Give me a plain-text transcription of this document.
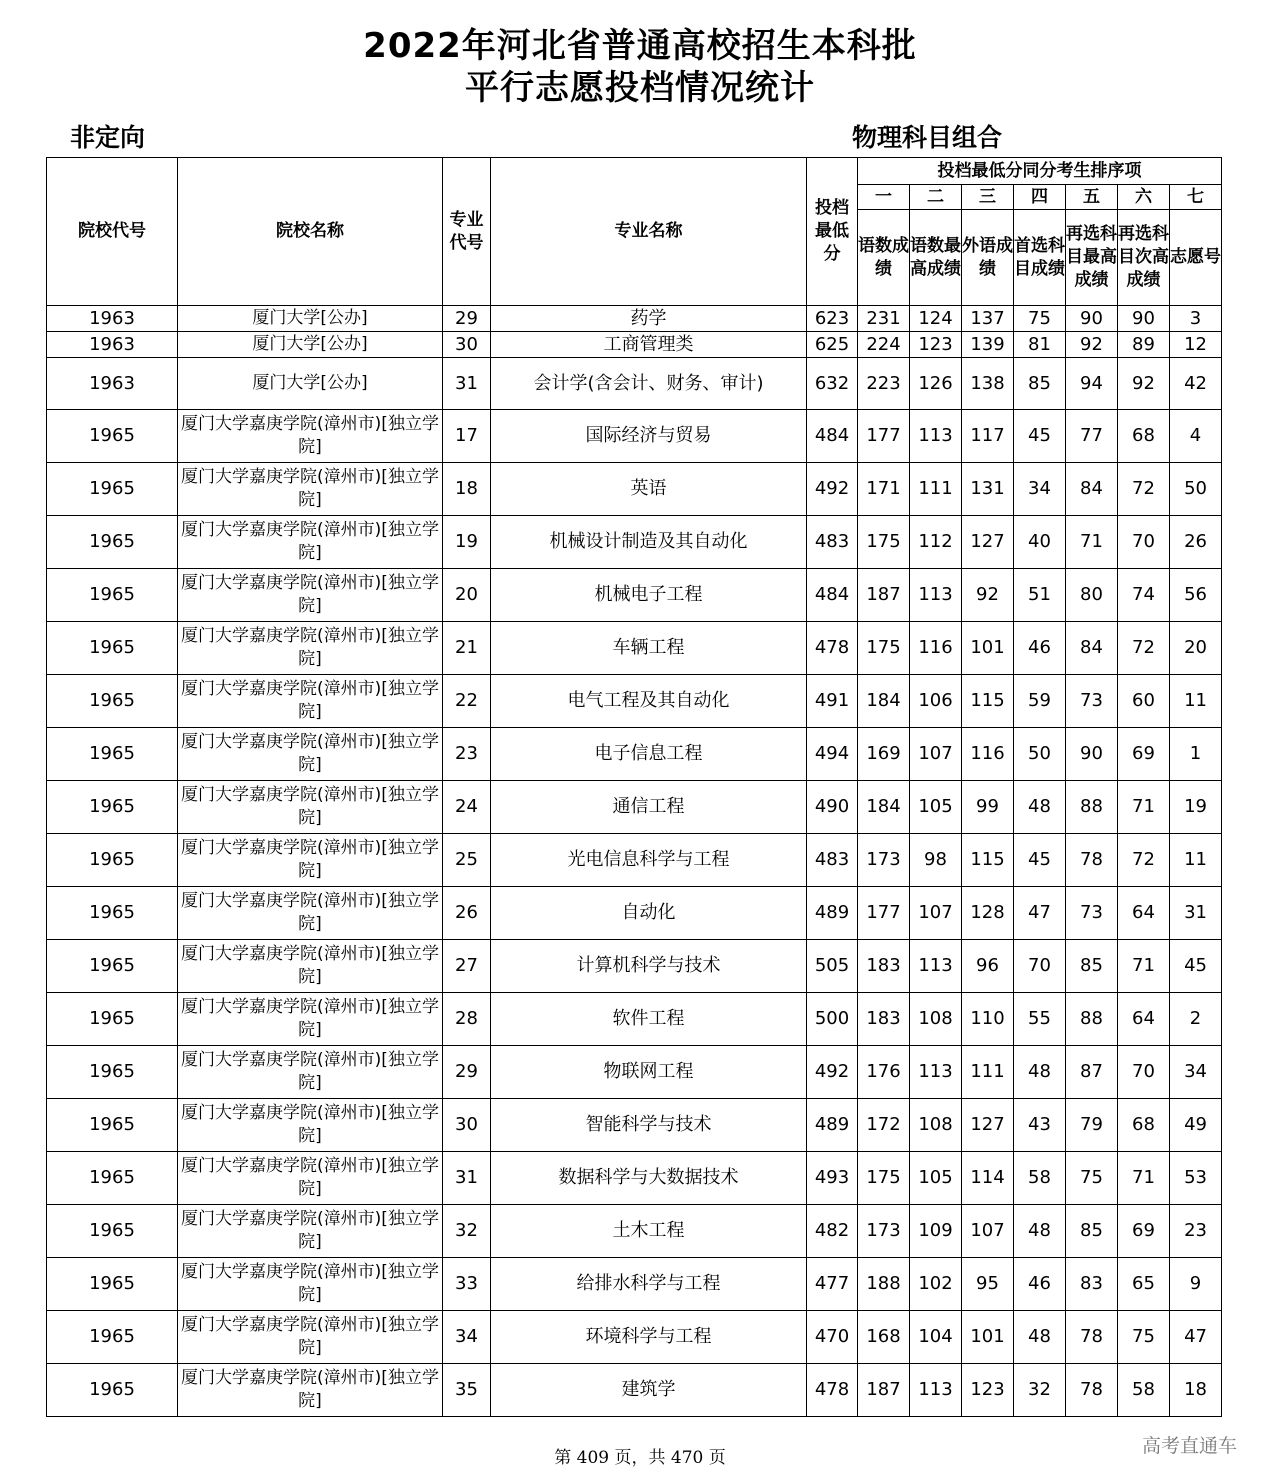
2022年河北省普通高校招生本科批
平行志愿投档情况统计
非定向	物理科目组合
院校代号	院校名称	专业代号	专业名称	投档最低分	投档最低分同分考生排序项						
					一	二	三	四	五	六	七
					语数成绩	语数最高成绩	外语成绩	首选科目成绩	再选科目最高成绩	再选科目次高成绩	志愿号
1963	厦门大学[公办]	29	药学	623	231	124	137	75	90	90	3
1963	厦门大学[公办]	30	工商管理类	625	224	123	139	81	92	89	12
1963	厦门大学[公办]	31	会计学(含会计、财务、审计)	632	223	126	138	85	94	92	42
1965	厦门大学嘉庚学院(漳州市)[独立学院]	17	国际经济与贸易	484	177	113	117	45	77	68	4
1965	厦门大学嘉庚学院(漳州市)[独立学院]	18	英语	492	171	111	131	34	84	72	50
1965	厦门大学嘉庚学院(漳州市)[独立学院]	19	机械设计制造及其自动化	483	175	112	127	40	71	70	26
1965	厦门大学嘉庚学院(漳州市)[独立学院]	20	机械电子工程	484	187	113	92	51	80	74	56
1965	厦门大学嘉庚学院(漳州市)[独立学院]	21	车辆工程	478	175	116	101	46	84	72	20
1965	厦门大学嘉庚学院(漳州市)[独立学院]	22	电气工程及其自动化	491	184	106	115	59	73	60	11
1965	厦门大学嘉庚学院(漳州市)[独立学院]	23	电子信息工程	494	169	107	116	50	90	69	1
1965	厦门大学嘉庚学院(漳州市)[独立学院]	24	通信工程	490	184	105	99	48	88	71	19
1965	厦门大学嘉庚学院(漳州市)[独立学院]	25	光电信息科学与工程	483	173	98	115	45	78	72	11
1965	厦门大学嘉庚学院(漳州市)[独立学院]	26	自动化	489	177	107	128	47	73	64	31
1965	厦门大学嘉庚学院(漳州市)[独立学院]	27	计算机科学与技术	505	183	113	96	70	85	71	45
1965	厦门大学嘉庚学院(漳州市)[独立学院]	28	软件工程	500	183	108	110	55	88	64	2
1965	厦门大学嘉庚学院(漳州市)[独立学院]	29	物联网工程	492	176	113	111	48	87	70	34
1965	厦门大学嘉庚学院(漳州市)[独立学院]	30	智能科学与技术	489	172	108	127	43	79	68	49
1965	厦门大学嘉庚学院(漳州市)[独立学院]	31	数据科学与大数据技术	493	175	105	114	58	75	71	53
1965	厦门大学嘉庚学院(漳州市)[独立学院]	32	土木工程	482	173	109	107	48	85	69	23
1965	厦门大学嘉庚学院(漳州市)[独立学院]	33	给排水科学与工程	477	188	102	95	46	83	65	9
1965	厦门大学嘉庚学院(漳州市)[独立学院]	34	环境科学与工程	470	168	104	101	48	78	75	47
1965	厦门大学嘉庚学院(漳州市)[独立学院]	35	建筑学	478	187	113	123	32	78	58	18
第 409 页，共 470 页
高考直通车
